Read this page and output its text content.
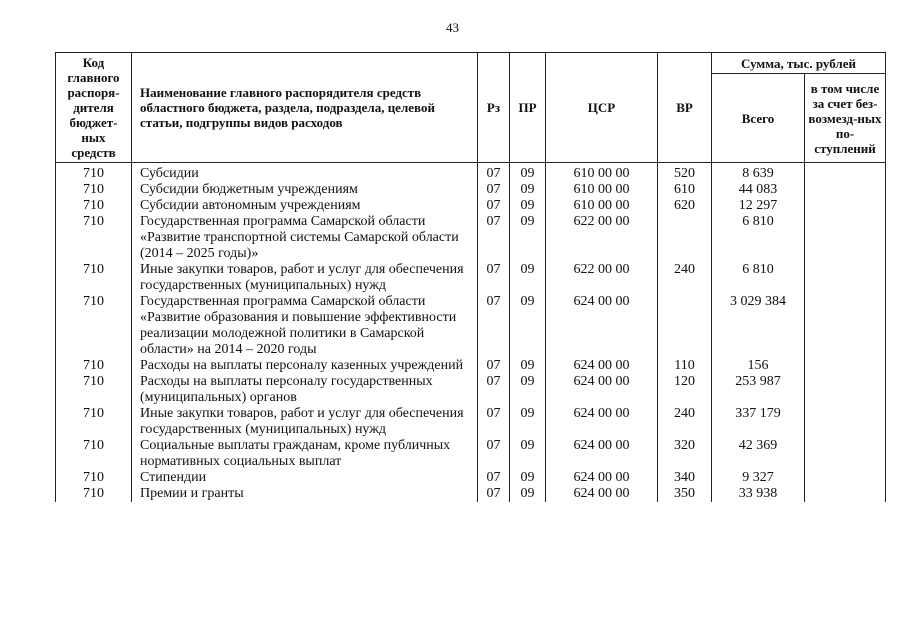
43
Код главного распоря-дителя бюджет-ных средств	Наименование главного распорядителя средств областного бюджета, раздела, подраздела, целевой статьи, подгруппы видов расходов	Рз	ПР	ЦСР	ВР	Сумма, тыс. рублей	
						Всего	в том числе за счет без-возмезд-ных по-ступлений
710	Субсидии	07	09	610 00 00	520	8 639	
710	Субсидии бюджетным учреждениям	07	09	610 00 00	610	44 083	
710	Субсидии автономным учреждениям	07	09	610 00 00	620	12 297	
710	Государственная программа Самарской области «Развитие транспортной системы Самарской области (2014 – 2025 годы)»	07	09	622 00 00		6 810	
710	Иные закупки товаров, работ и услуг для обеспечения государственных (муниципальных) нужд	07	09	622 00 00	240	6 810	
710	Государственная программа Самарской области «Развитие образования и повышение эффективности реализации молодежной политики в Самарской области» на 2014 – 2020 годы	07	09	624 00 00		3 029 384	
710	Расходы на выплаты персоналу казенных учреждений	07	09	624 00 00	110	156	
710	Расходы на выплаты персоналу государственных (муниципальных) органов	07	09	624 00 00	120	253 987	
710	Иные закупки товаров, работ и услуг для обеспечения государственных (муниципальных) нужд	07	09	624 00 00	240	337 179	
710	Социальные выплаты гражданам, кроме публичных нормативных социальных выплат	07	09	624 00 00	320	42 369	
710	Стипендии	07	09	624 00 00	340	9 327	
710	Премии и гранты	07	09	624 00 00	350	33 938	
